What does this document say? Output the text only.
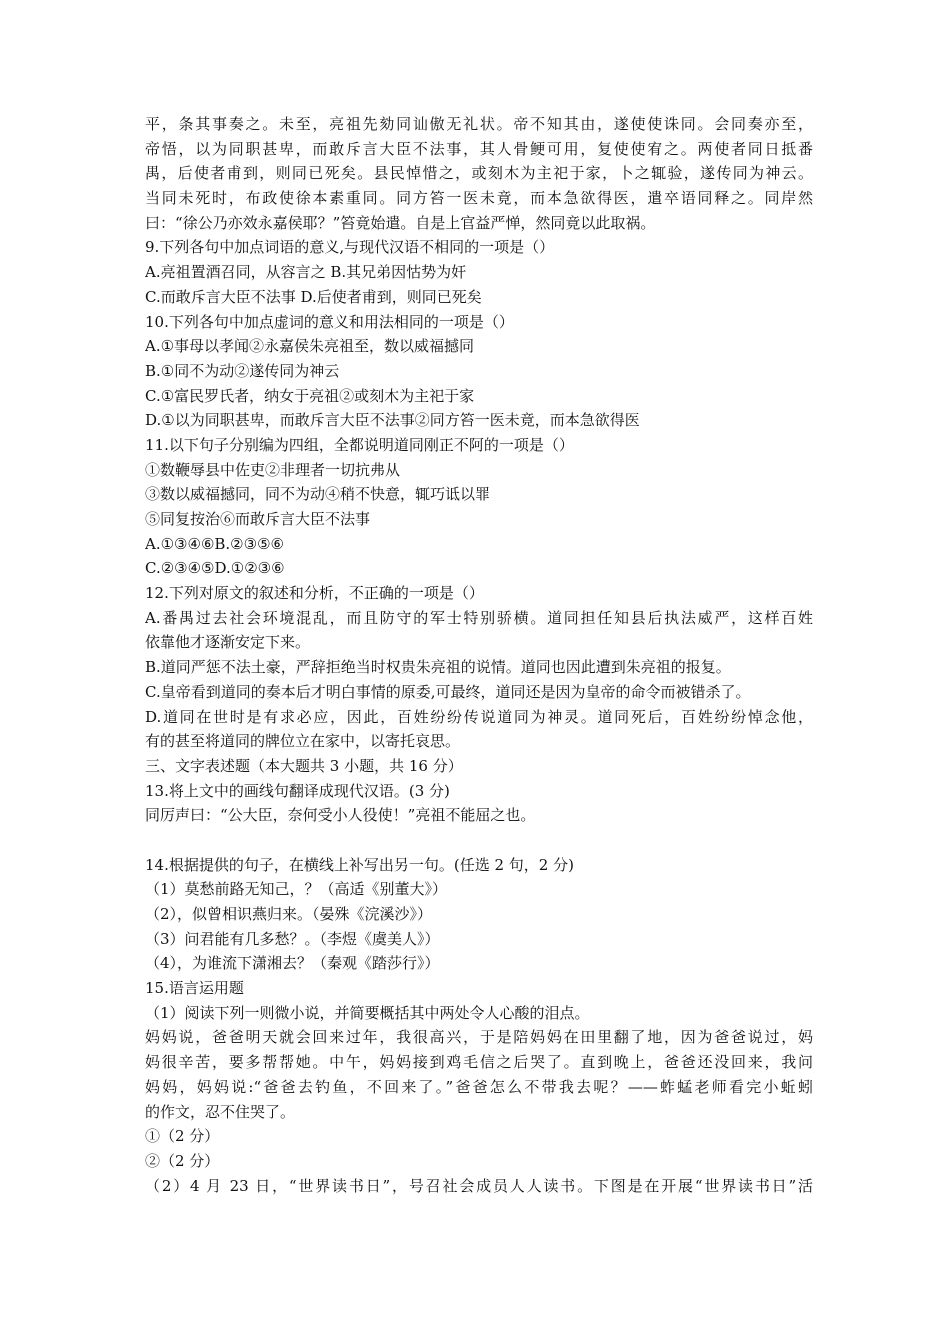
平，条其事奏之。未至，亮祖先劾同讪傲无礼状。帝不知其由，遂使使诛同。会同奏亦至，
帝悟，以为同职甚卑，而敢斥言大臣不法事，其人骨鲠可用，复使使宥之。两使者同日抵番
禺，后使者甫到，则同已死矣。县民悼惜之，或刻木为主祀于家，卜之辄验，遂传同为神云。
当同未死时，布政使徐本素重同。同方笞一医未竟，而本急欲得医，遣卒语同释之。同岸然
曰：“徐公乃亦效永嘉侯耶？”笞竟始遣。自是上官益严惮，然同竟以此取祸。
9.下列各句中加点词语的意义,与现代汉语不相同的一项是（）
A.亮祖置酒召同，从容言之 B.其兄弟因怙势为奸
C.而敢斥言大臣不法事 D.后使者甫到，则同已死矣
10.下列各句中加点虚词的意义和用法相同的一项是（）
A.①事母以孝闻②永嘉侯朱亮祖至，数以威福撼同
B.①同不为动②遂传同为神云
C.①富民罗氏者，纳女于亮祖②或刻木为主祀于家
D.①以为同职甚卑，而敢斥言大臣不法事②同方笞一医未竟，而本急欲得医
11.以下句子分别编为四组，全都说明道同刚正不阿的一项是（）
①数鞭辱县中佐吏②非理者一切抗弗从
③数以威福撼同，同不为动④稍不快意，辄巧诋以罪
⑤同复按治⑥而敢斥言大臣不法事
A.①③④⑥B.②③⑤⑥
C.②③④⑤D.①②③⑥
12.下列对原文的叙述和分析，不正确的一项是（）
A.番禺过去社会环境混乱，而且防守的军士特别骄横。道同担任知县后执法威严，这样百姓
依靠他才逐渐安定下来。
B.道同严惩不法土豪，严辞拒绝当时权贵朱亮祖的说情。道同也因此遭到朱亮祖的报复。
C.皇帝看到道同的奏本后才明白事情的原委,可最终，道同还是因为皇帝的命令而被错杀了。
D.道同在世时是有求必应，因此，百姓纷纷传说道同为神灵。道同死后，百姓纷纷悼念他，
有的甚至将道同的牌位立在家中，以寄托哀思。
三、文字表述题（本大题共 3 小题，共 16 分）
13.将上文中的画线句翻译成现代汉语。(3 分)
同厉声曰：“公大臣，奈何受小人役使！”亮祖不能屈之也。
14.根据提供的句子，在横线上补写出另一句。(任选 2 句，2 分)
（1）莫愁前路无知己，？（高适《别董大》）
（2），似曾相识燕归来。（晏殊《浣溪沙》）
（3）问君能有几多愁？。（李煜《虞美人》）
（4），为谁流下潇湘去？（秦观《踏莎行》）
15.语言运用题
（1）阅读下列一则微小说，并简要概括其中两处令人心酸的泪点。
妈妈说，爸爸明天就会回来过年，我很高兴，于是陪妈妈在田里翻了地，因为爸爸说过，妈
妈很辛苦，要多帮帮她。中午，妈妈接到鸡毛信之后哭了。直到晚上，爸爸还没回来，我问
妈妈，妈妈说:“爸爸去钓鱼，不回来了。”爸爸怎么不带我去呢？——蚱蜢老师看完小蚯蚓
的作文，忍不住哭了。
①（2 分）
②（2 分）
（2）4 月 23 日，“世界读书日”，号召社会成员人人读书。下图是在开展“世界读书日”活
